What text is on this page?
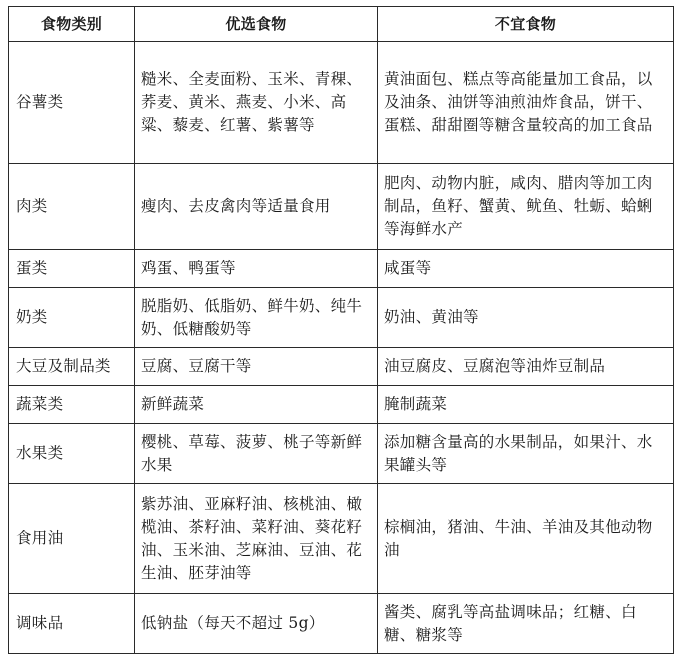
食物类别	优选食物	不宜食物
谷薯类	糙米、全麦面粉、玉米、青稞、荞麦、黄米、燕麦、小米、高粱、藜麦、红薯、紫薯等	黄油面包、糕点等高能量加工食品，以及油条、油饼等油煎油炸食品，饼干、蛋糕、甜甜圈等糖含量较高的加工食品
肉类	瘦肉、去皮禽肉等适量食用	肥肉、动物内脏，咸肉、腊肉等加工肉制品，鱼籽、蟹黄、鱿鱼、牡蛎、蛤蜊等海鲜水产
蛋类	鸡蛋、鸭蛋等	咸蛋等
奶类	脱脂奶、低脂奶、鲜牛奶、纯牛奶、低糖酸奶等	奶油、黄油等
大豆及制品类	豆腐、豆腐干等	油豆腐皮、豆腐泡等油炸豆制品
蔬菜类	新鲜蔬菜	腌制蔬菜
水果类	樱桃、草莓、菠萝、桃子等新鲜水果	添加糖含量高的水果制品，如果汁、水果罐头等
食用油	紫苏油、亚麻籽油、核桃油、橄榄油、茶籽油、菜籽油、葵花籽油、玉米油、芝麻油、豆油、花生油、胚芽油等	棕榈油，猪油、牛油、羊油及其他动物油
调味品	低钠盐（每天不超过 5g）	酱类、腐乳等高盐调味品；红糖、白糖、糖浆等
